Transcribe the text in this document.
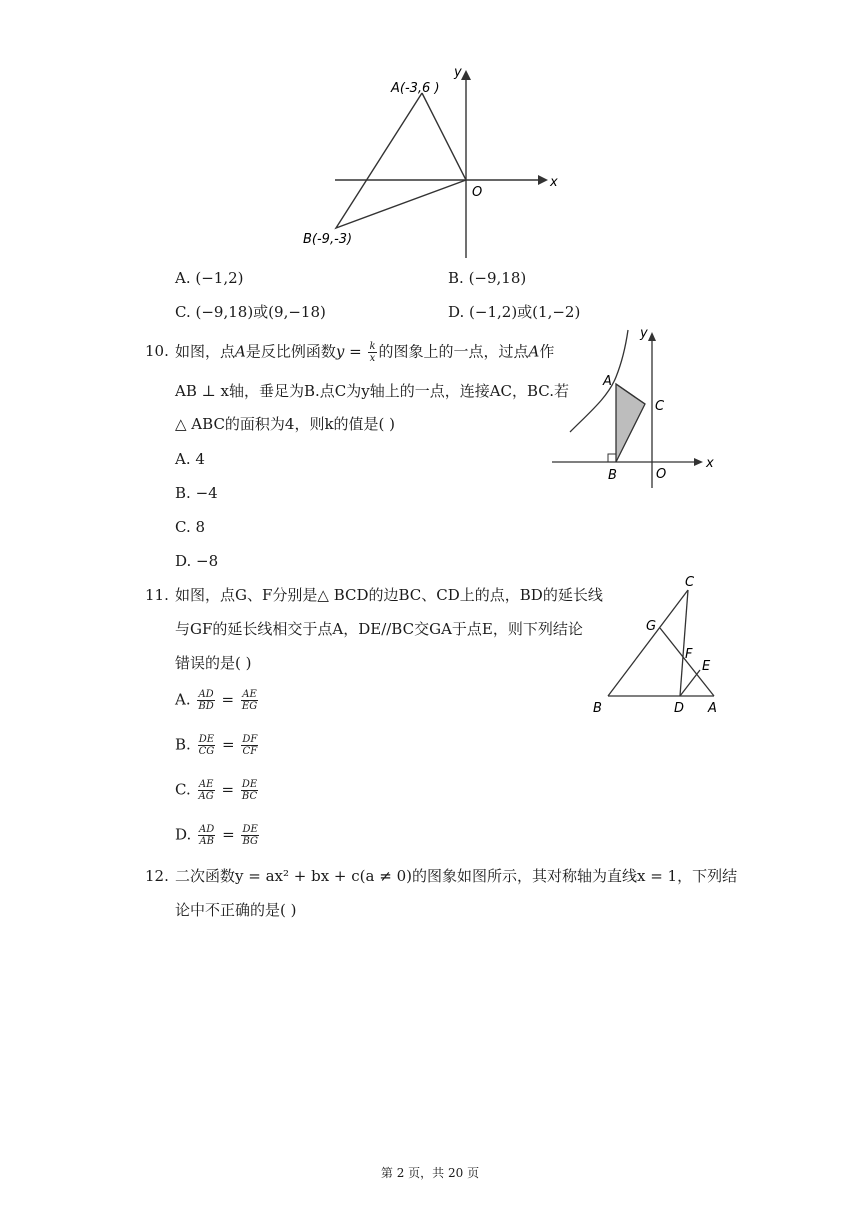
A(-3,6 )
B(-9,-3)
O
x
y
A. (−1,2)	B. (−9,18)
C. (−9,18)或(9,−18)	D. (−1,2)或(1,−2)
10. 如图，点A是反比例函数$y = \frac{k}{x}$ 的图象上的一点，过点A作
AB ⊥ x轴，垂足为B.点C为y轴上的一点，连接AC，BC.若
△ ABC的面积为4，则k的值是( )
A
B
C
O
x
y
A. 4
B. −4
C. 8
D. −8
11. 如图，点G、F分别是△ BCD的边BC、CD上的点，BD的延长线
与GF的延长线相交于点A，DE//BC交GA于点E，则下列结论
错误的是( )
C
G
F
E
B	D A
A. $\frac{AD}{BD} = \frac{AE}{EG}$
B. $\frac{DE}{CG} = \frac{DF}{CF}$
C. $\frac{AE}{AG} = \frac{DE}{BC}$
D. $\frac{AD}{AB} = \frac{DE}{BG}$
12. 二次函数y = ax² + bx + c(a ≠ 0)的图象如图所示，其对称轴为直线x = 1，下列结
论中不正确的是( )
第 2 页，共 20 页
